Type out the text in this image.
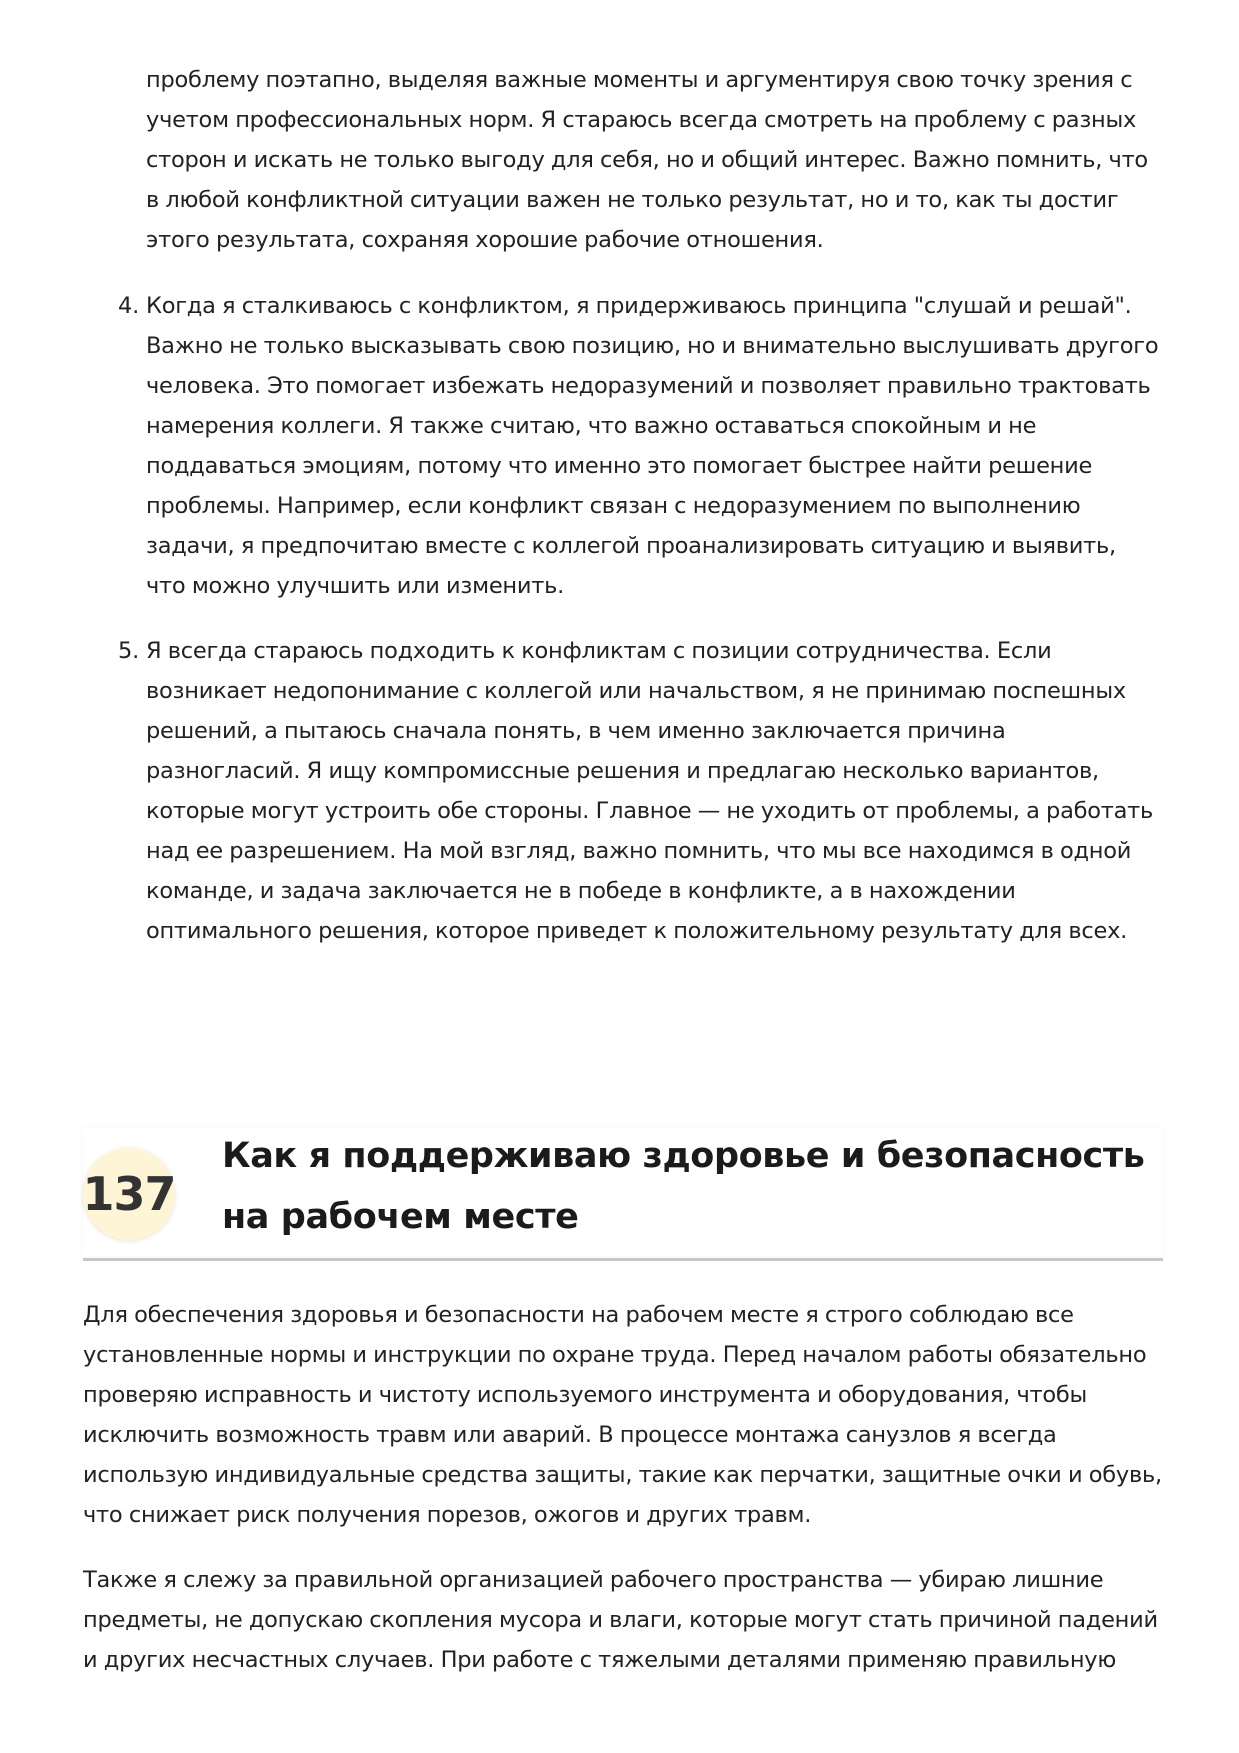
проблему поэтапно, выделяя важные моменты и аргументируя свою точку зрения с учетом профессиональных норм. Я стараюсь всегда смотреть на проблему с разных сторон и искать не только выгоду для себя, но и общий интерес. Важно помнить, что в любой конфликтной ситуации важен не только результат, но и то, как ты достиг этого результата, сохраняя хорошие рабочие отношения.

4. Когда я сталкиваюсь с конфликтом, я придерживаюсь принципа "слушай и решай". Важно не только высказывать свою позицию, но и внимательно выслушивать другого человека. Это помогает избежать недоразумений и позволяет правильно трактовать намерения коллеги. Я также считаю, что важно оставаться спокойным и не поддаваться эмоциям, потому что именно это помогает быстрее найти решение проблемы. Например, если конфликт связан с недоразумением по выполнению задачи, я предпочитаю вместе с коллегой проанализировать ситуацию и выявить, что можно улучшить или изменить.

5. Я всегда стараюсь подходить к конфликтам с позиции сотрудничества. Если возникает недопонимание с коллегой или начальством, я не принимаю поспешных решений, а пытаюсь сначала понять, в чем именно заключается причина разногласий. Я ищу компромиссные решения и предлагаю несколько вариантов, которые могут устроить обе стороны. Главное — не уходить от проблемы, а работать над ее разрешением. На мой взгляд, важно помнить, что мы все находимся в одной команде, и задача заключается не в победе в конфликте, а в нахождении оптимального решения, которое приведет к положительному результату для всех.

137
Как я поддерживаю здоровье и безопасность на рабочем месте

Для обеспечения здоровья и безопасности на рабочем месте я строго соблюдаю все установленные нормы и инструкции по охране труда. Перед началом работы обязательно проверяю исправность и чистоту используемого инструмента и оборудования, чтобы исключить возможность травм или аварий. В процессе монтажа санузлов я всегда использую индивидуальные средства защиты, такие как перчатки, защитные очки и обувь, что снижает риск получения порезов, ожогов и других травм.

Также я слежу за правильной организацией рабочего пространства — убираю лишние предметы, не допускаю скопления мусора и влаги, которые могут стать причиной падений и других несчастных случаев. При работе с тяжелыми деталями применяю правильную
